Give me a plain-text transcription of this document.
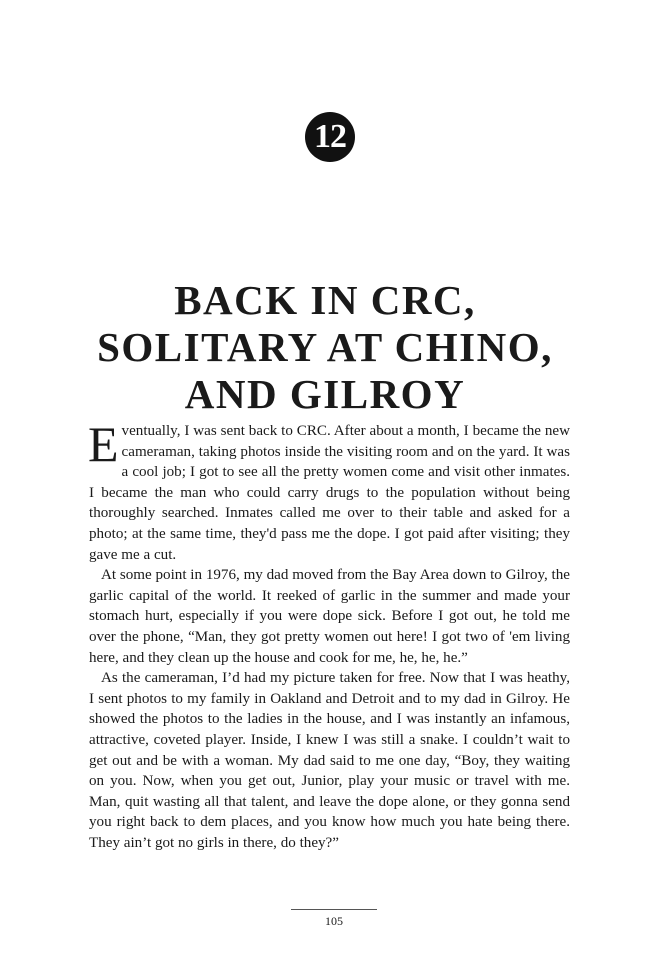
12
BACK IN CRC,
SOLITARY AT CHINO,
AND GILROY

Eventually, I was sent back to CRC. After about a month, I became the new cameraman, taking photos inside the visiting room and on the yard. It was a cool job; I got to see all the pretty women come and visit other inmates. I became the man who could carry drugs to the population without being thoroughly searched. Inmates called me over to their table and asked for a photo; at the same time, they'd pass me the dope. I got paid after visiting; they gave me a cut.

At some point in 1976, my dad moved from the Bay Area down to Gilroy, the garlic capital of the world. It reeked of garlic in the summer and made your stomach hurt, especially if you were dope sick. Before I got out, he told me over the phone, “Man, they got pretty women out here! I got two of 'em living here, and they clean up the house and cook for me, he, he, he.”

As the cameraman, I’d had my picture taken for free. Now that I was heathy, I sent photos to my family in Oakland and Detroit and to my dad in Gilroy. He showed the photos to the ladies in the house, and I was instantly an infamous, attractive, coveted player. Inside, I knew I was still a snake. I couldn’t wait to get out and be with a woman. My dad said to me one day, “Boy, they waiting on you. Now, when you get out, Junior, play your music or travel with me. Man, quit wasting all that talent, and leave the dope alone, or they gonna send you right back to dem places, and you know how much you hate being there. They ain’t got no girls in there, do they?”

105
